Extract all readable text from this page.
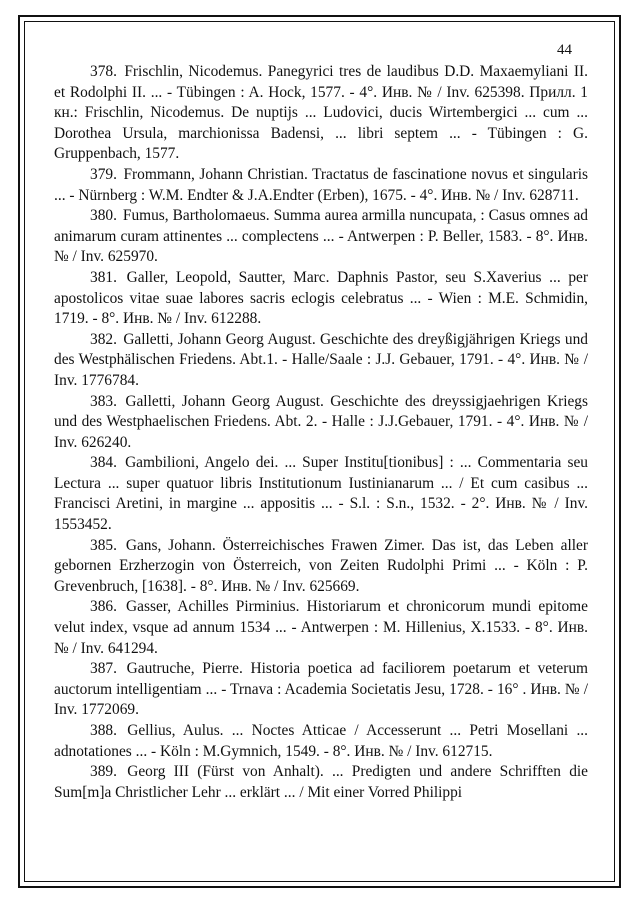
44

378. Frischlin, Nicodemus. Panegyrici tres de laudibus D.D. Maxaemyliani II. et Rodolphi II. ... - Tübingen : A. Hock, 1577. - 4°. Инв. № / Inv. 625398. Прилл. 1 кн.: Frischlin, Nicodemus. De nuptijs ... Ludovici, ducis Wirtembergici ... cum ... Dorothea Ursula, marchionissa Badensi, ... libri septem ... - Tübingen : G. Gruppenbach, 1577.

379. Frommann, Johann Christian. Tractatus de fascinatione novus et singularis ... - Nürnberg : W.M. Endter & J.A.Endter (Erben), 1675. - 4°. Инв. № / Inv. 628711.

380. Fumus, Bartholomaeus. Summa aurea armilla nuncupata, : Casus omnes ad animarum curam attinentes ... complectens ... - Antwerpen : P. Beller, 1583. - 8°. Инв. № / Inv. 625970.

381. Galler, Leopold, Sautter, Marc. Daphnis Pastor, seu S.Xaverius ... per apostolicos vitae suae labores sacris eclogis celebratus ... - Wien : M.E. Schmidin, 1719. - 8°. Инв. № / Inv. 612288.

382. Galletti, Johann Georg August. Geschichte des dreyßigjährigen Kriegs und des Westphälischen Friedens. Abt.1. - Halle/Saale : J.J. Gebauer, 1791. - 4°. Инв. № / Inv. 1776784.

383. Galletti, Johann Georg August. Geschichte des dreyssigjaehrigen Kriegs und des Westphaelischen Friedens. Abt. 2. - Halle : J.J.Gebauer, 1791. - 4°. Инв. № / Inv. 626240.

384. Gambilioni, Angelo dei. ... Super Institu[tionibus] : ... Commentaria seu Lectura ... super quatuor libris Institutionum Iustinianarum ... / Et cum casibus ... Francisci Aretini, in margine ... appositis ... - S.l. : S.n., 1532. - 2°. Инв. № / Inv. 1553452.

385. Gans, Johann. Österreichisches Frawen Zimer. Das ist, das Leben aller gebornen Erzherzogin von Österreich, von Zeiten Rudolphi Primi ... - Köln : P. Grevenbruch, [1638]. - 8°. Инв. № / Inv. 625669.

386. Gasser, Achilles Pirminius. Historiarum et chronicorum mundi epitome velut index, vsque ad annum 1534 ... - Antwerpen : M. Hillenius, X.1533. - 8°. Инв. № / Inv. 641294.

387. Gautruche, Pierre. Historia poetica ad faciliorem poetarum et veterum auctorum intelligentiam ... - Trnava : Academia Societatis Jesu, 1728. - 16° . Инв. № / Inv. 1772069.

388. Gellius, Aulus. ... Noctes Atticae / Accesserunt ... Petri Mosellani ... adnotationes ... - Köln : M.Gymnich, 1549. - 8°. Инв. № / Inv. 612715.

389. Georg III (Fürst von Anhalt). ... Predigten und andere Schrifften die Sum[m]a Christlicher Lehr ... erklärt ... / Mit einer Vorred Philippi
